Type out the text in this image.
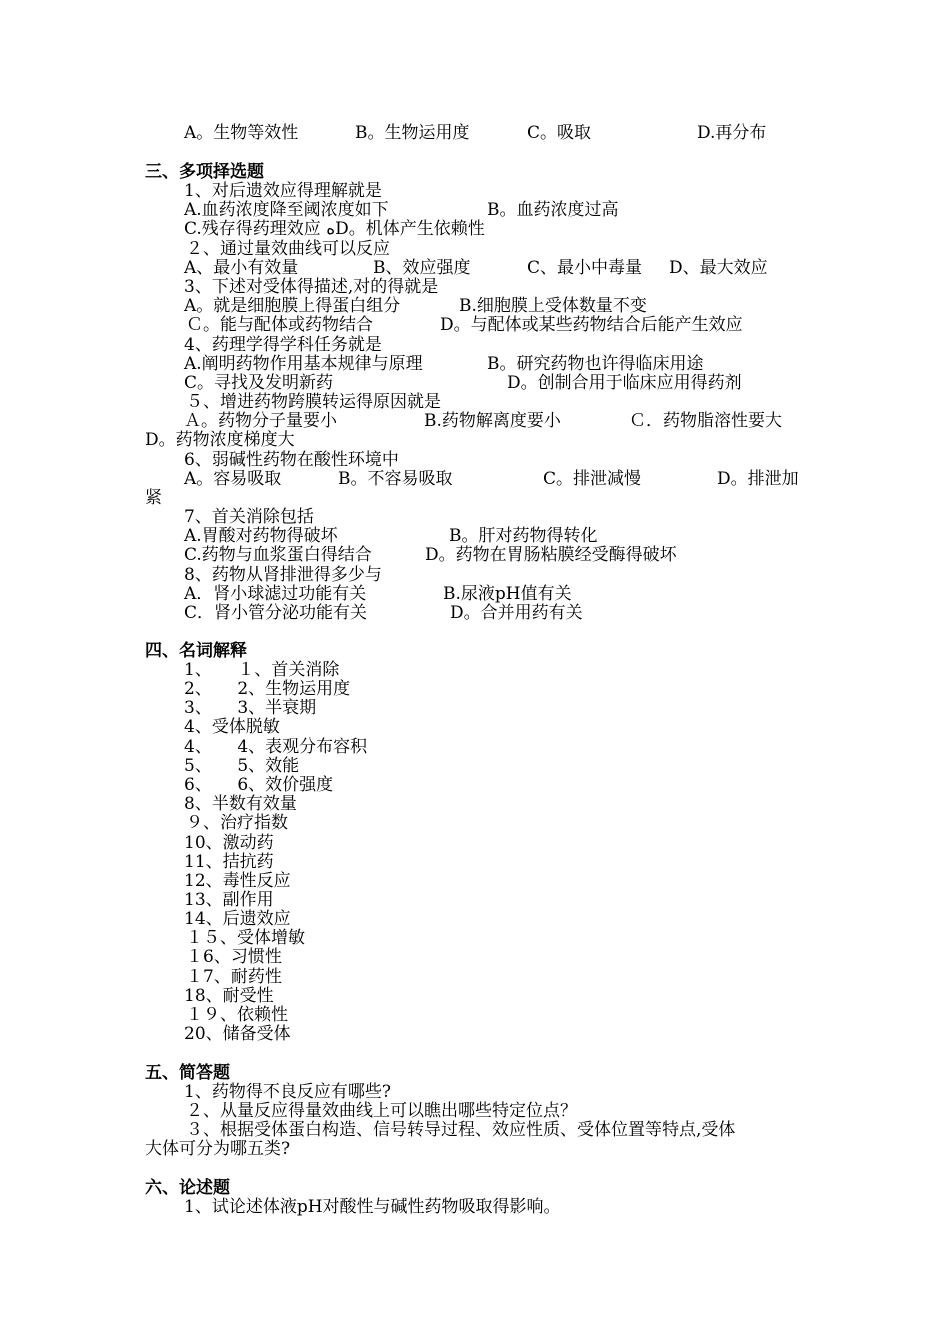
A。生物等效性	B。生物运用度	C。吸取	D.再分布
三、多项择选题
1、对后遗效应得理解就是
A.血药浓度降至阈浓度如下	B。血药浓度过高
C.残存得药理效应 ﻩD。机体产生依赖性
２、通过量效曲线可以反应
A、最小有效量	B、效应强度	C、最小中毒量 D、最大效应
3、下述对受体得描述,对的得就是
A。就是细胞膜上得蛋白组分	B.细胞膜上受体数量不变
Ｃ。能与配体或药物结合	D。与配体或某些药物结合后能产生效应
4、药理学得学科任务就是
A.阐明药物作用基本规律与原理	B。研究药物也许得临床用途
C。寻找及发明新药	D。创制合用于临床应用得药剂
５、增进药物跨膜转运得原因就是
Ａ。药物分子量要小	B.药物解离度要小	Ｃ．药物脂溶性要大
D。药物浓度梯度大
6、弱碱性药物在酸性环境中
A。容易吸取	B。不容易吸取	C。排泄减慢	D。排泄加
紧
7、首关消除包括
A.胃酸对药物得破坏	B。肝对药物得转化
C.药物与血浆蛋白得结合	D。药物在胃肠粘膜经受酶得破坏
8、药物从肾排泄得多少与
A．肾小球滤过功能有关	B.尿液pH值有关
C．肾小管分泌功能有关	D。合并用药有关
四、名词解释
1、　　１、首关消除
2、　　2、生物运用度
3、　　3、半衰期
4、受体脱敏
4、　　4、表观分布容积
5、　　5、效能
6、　　6、效价强度
8、半数有效量
９、治疗指数
10、激动药
11、拮抗药
12、毒性反应
13、副作用
14、后遗效应
１５、受体增敏
１6、习惯性
１7、耐药性
18、耐受性
１９、依赖性
20、储备受体
五、简答题
1、药物得不良反应有哪些?
２、从量反应得量效曲线上可以瞧出哪些特定位点？
３、根据受体蛋白构造、信号转导过程、效应性质、受体位置等特点,受体
大体可分为哪五类?
六、论述题
1、试论述体液pH对酸性与碱性药物吸取得影响。
